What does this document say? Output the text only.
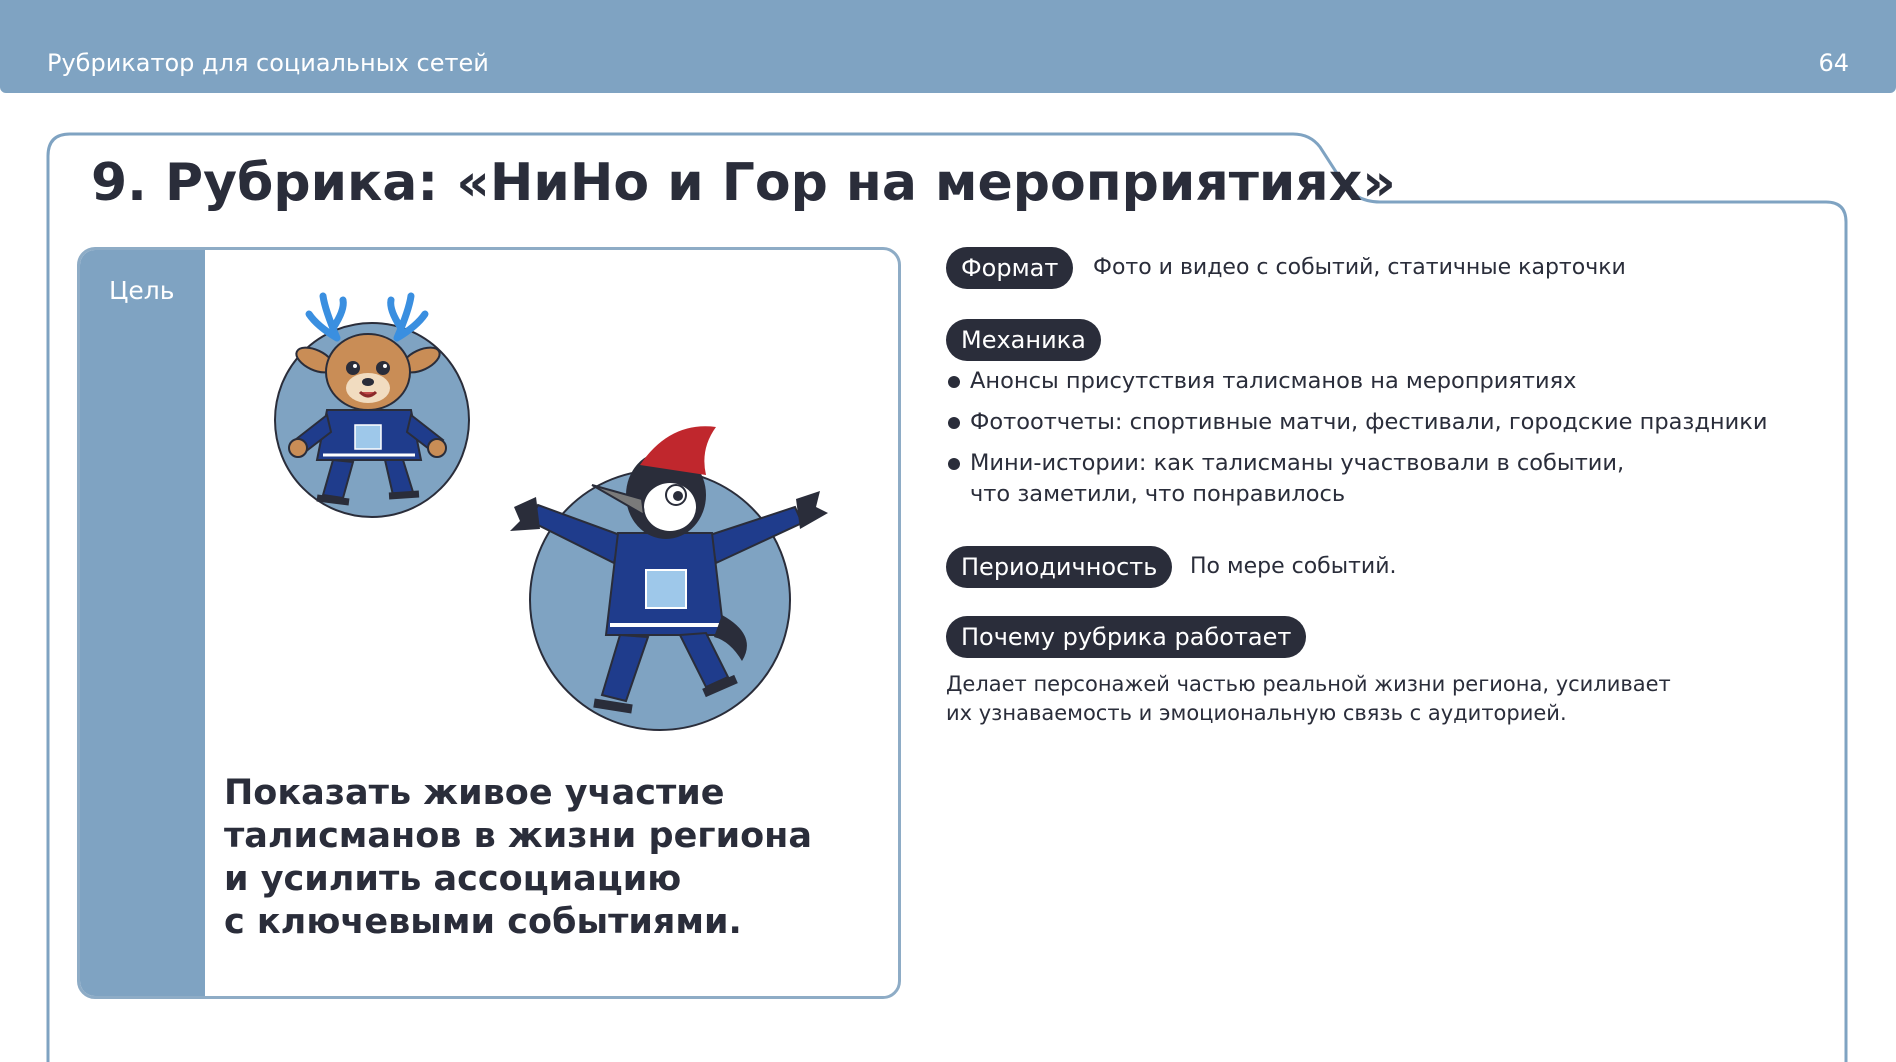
Рубрикатор для социальных сетей	64
9. Рубрика: «НиНо и Гор на мероприятиях»
Цель
Показать живое участие
талисманов в жизни региона
и усилить ассоциацию
с ключевыми событиями.
Формат	Фото и видео с событий, статичные карточки
Механика
Анонсы присутствия талисманов на мероприятиях
Фотоотчеты: спортивные матчи, фестивали, городские праздники
Мини-истории: как талисманы участвовали в событии,
что заметили, что понравилось
Периодичность	По мере событий.
Почему рубрика работает
Делает персонажей частью реальной жизни региона, усиливает
их узнаваемость и эмоциональную связь с аудиторией.
